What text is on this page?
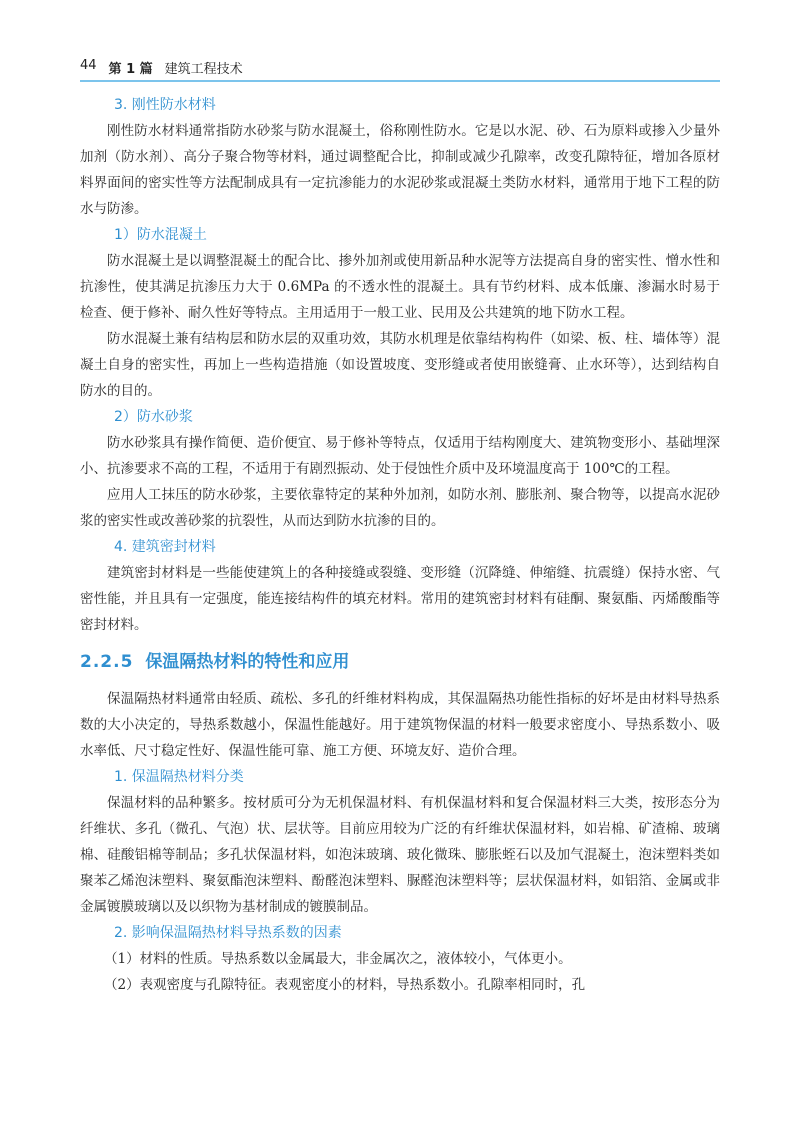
44 第 1 篇 建筑工程技术
3. 刚性防水材料

刚性防水材料通常指防水砂浆与防水混凝土，俗称刚性防水。它是以水泥、砂、石为原料或掺入少量外加剂（防水剂）、高分子聚合物等材料，通过调整配合比，抑制或减少孔隙率，改变孔隙特征，增加各原材料界面间的密实性等方法配制成具有一定抗渗能力的水泥砂浆或混凝土类防水材料，通常用于地下工程的防水与防渗。

1）防水混凝土

防水混凝土是以调整混凝土的配合比、掺外加剂或使用新品种水泥等方法提高自身的密实性、憎水性和抗渗性，使其满足抗渗压力大于 0.6MPa 的不透水性的混凝土。具有节约材料、成本低廉、渗漏水时易于检查、便于修补、耐久性好等特点。主用适用于一般工业、民用及公共建筑的地下防水工程。

防水混凝土兼有结构层和防水层的双重功效，其防水机理是依靠结构构件（如梁、板、柱、墙体等）混凝土自身的密实性，再加上一些构造措施（如设置坡度、变形缝或者使用嵌缝膏、止水环等），达到结构自防水的目的。

2）防水砂浆

防水砂浆具有操作简便、造价便宜、易于修补等特点，仅适用于结构刚度大、建筑物变形小、基础埋深小、抗渗要求不高的工程，不适用于有剧烈振动、处于侵蚀性介质中及环境温度高于 100℃的工程。

应用人工抹压的防水砂浆，主要依靠特定的某种外加剂，如防水剂、膨胀剂、聚合物等，以提高水泥砂浆的密实性或改善砂浆的抗裂性，从而达到防水抗渗的目的。

4. 建筑密封材料

建筑密封材料是一些能使建筑上的各种接缝或裂缝、变形缝（沉降缝、伸缩缝、抗震缝）保持水密、气密性能，并且具有一定强度，能连接结构件的填充材料。常用的建筑密封材料有硅酮、聚氨酯、丙烯酸酯等密封材料。

2.2.5 保温隔热材料的特性和应用

保温隔热材料通常由轻质、疏松、多孔的纤维材料构成，其保温隔热功能性指标的好坏是由材料导热系数的大小决定的，导热系数越小，保温性能越好。用于建筑物保温的材料一般要求密度小、导热系数小、吸水率低、尺寸稳定性好、保温性能可靠、施工方便、环境友好、造价合理。

1. 保温隔热材料分类

保温材料的品种繁多。按材质可分为无机保温材料、有机保温材料和复合保温材料三大类，按形态分为纤维状、多孔（微孔、气泡）状、层状等。目前应用较为广泛的有纤维状保温材料，如岩棉、矿渣棉、玻璃棉、硅酸铝棉等制品；多孔状保温材料，如泡沫玻璃、玻化微珠、膨胀蛭石以及加气混凝土，泡沫塑料类如聚苯乙烯泡沫塑料、聚氨酯泡沫塑料、酚醛泡沫塑料、脲醛泡沫塑料等；层状保温材料，如铝箔、金属或非金属镀膜玻璃以及以织物为基材制成的镀膜制品。

2. 影响保温隔热材料导热系数的因素

（1）材料的性质。导热系数以金属最大，非金属次之，液体较小，气体更小。

（2）表观密度与孔隙特征。表观密度小的材料，导热系数小。孔隙率相同时，孔
